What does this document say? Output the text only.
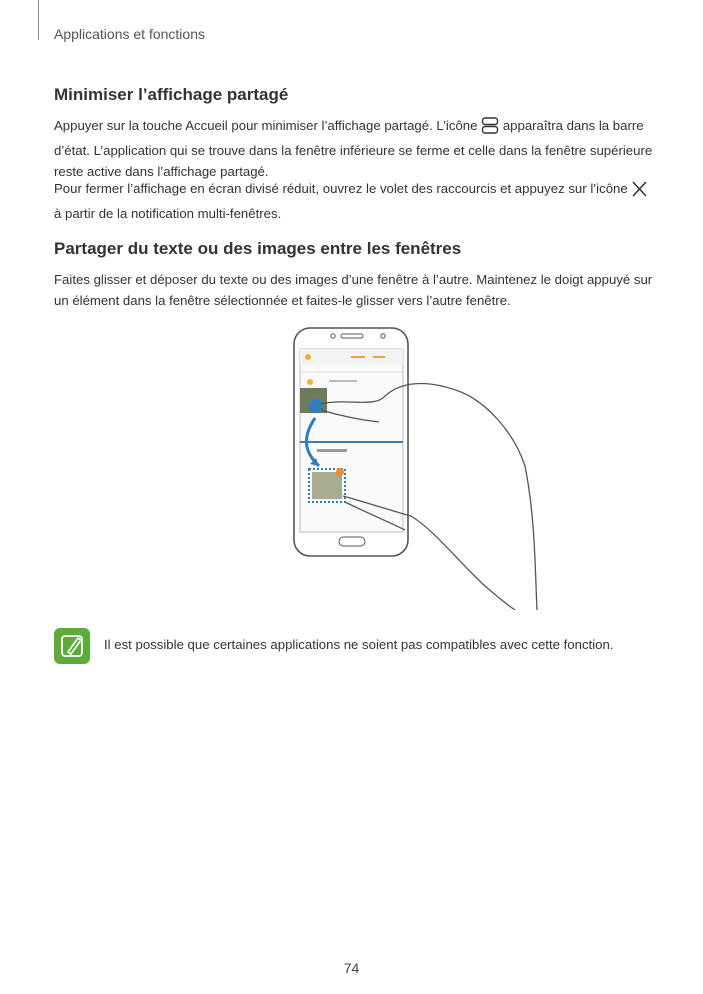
Applications et fonctions
Minimiser l’affichage partagé

Appuyer sur la touche Accueil pour minimiser l’affichage partagé. L’icône apparaîtra dans la barre d’état. L’application qui se trouve dans la fenêtre inférieure se ferme et celle dans la fenêtre supérieure reste active dans l’affichage partagé.

Pour fermer l’affichage en écran divisé réduit, ouvrez le volet des raccourcis et appuyez sur l’icône  à partir de la notification multi-fenêtres.

Partager du texte ou des images entre les fenêtres

Faites glisser et déposer du texte ou des images d’une fenêtre à l’autre. Maintenez le doigt appuyé sur un élément dans la fenêtre sélectionnée et faites-le glisser vers l’autre fenêtre.

Il est possible que certaines applications ne soient pas compatibles avec cette fonction.
74
